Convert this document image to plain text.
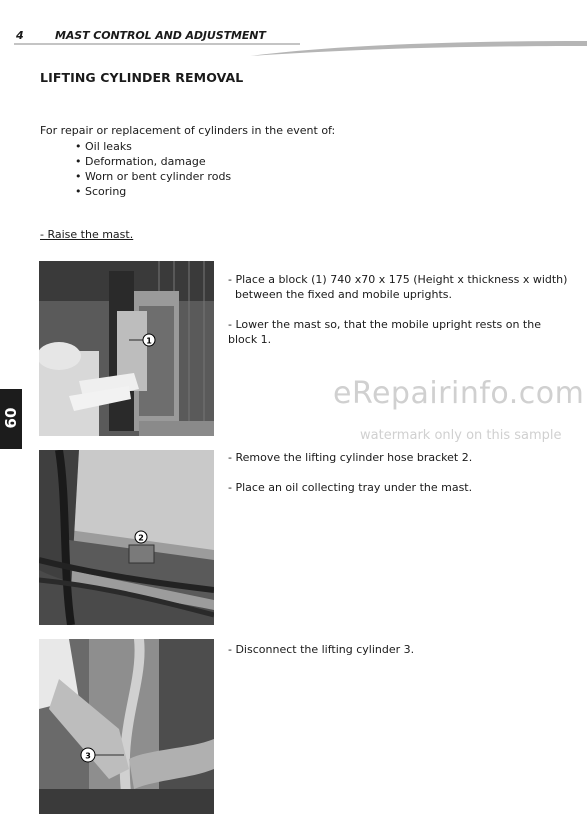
4	MAST CONTROL AND ADJUSTMENT
LIFTING CYLINDER REMOVAL
For repair or replacement of cylinders in the event of:
• Oil leaks
• Deformation, damage
• Worn or bent cylinder rods
• Scoring
- Raise the mast.
1

- Place a block (1) 740 x70 x 175 (Height x thickness x width)
between the fixed and mobile uprights.

- Lower the mast so, that the mobile upright rests on the block 1.

60
eRepairinfo.com
watermark only on this sample
2

- Remove the lifting cylinder hose bracket 2.

- Place an oil collecting tray under the mast.

3

- Disconnect the lifting cylinder 3.
